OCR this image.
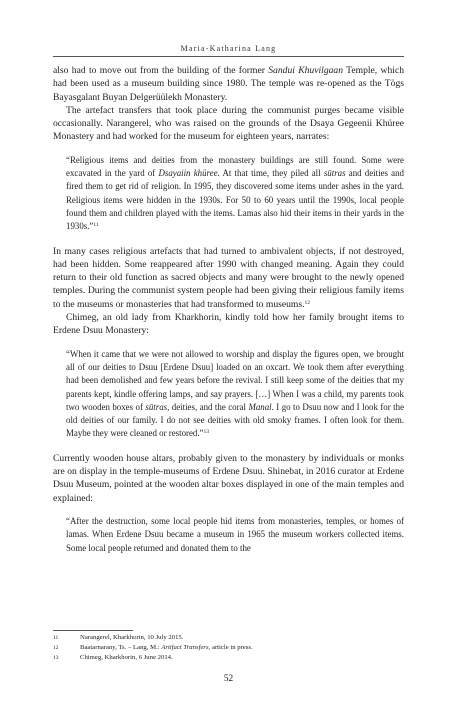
Maria-Katharina Lang

also had to move out from the building of the former Sandui Khuvilgaan Temple, which had been used as a museum building since 1980. The temple was re-opened as the Tögs Bayasgalant Buyan Delgerüülekh Monastery.

The artefact transfers that took place during the communist purges became visible occasionally. Narangerel, who was raised on the grounds of the Dsaya Gegeenii Khüree Monastery and had worked for the museum for eighteen years, narrates:

“Religious items and deities from the monastery buildings are still found. Some were excavated in the yard of Dsayaiin khüree. At that time, they piled all sūtras and deities and fired them to get rid of religion. In 1995, they discovered some items under ashes in the yard. Religious items were hidden in the 1930s. For 50 to 60 years until the 1990s, local people found them and children played with the items. Lamas also hid their items in their yards in the 1930s.”$^{11}$

In many cases religious artefacts that had turned to ambivalent objects, if not destroyed, had been hidden. Some reappeared after 1990 with changed meaning. Again they could return to their old function as sacred objects and many were brought to the newly opened temples. During the communist system people had been giving their religious family items to the museums or monasteries that had transformed to museums.$^{12}$

Chimeg, an old lady from Kharkhorin, kindly told how her family brought items to Erdene Dsuu Monastery:

“When it came that we were not allowed to worship and display the figures open, we brought all of our deities to Dsuu [Erdene Dsuu] loaded on an oxcart. We took them after everything had been demolished and few years before the revival. I still keep some of the deities that my parents kept, kindle offering lamps, and say prayers. […] When I was a child, my parents took two wooden boxes of sūtras, deities, and the coral Manal. I go to Dsuu now and I look for the old deities of our family. I do not see deities with old smoky frames. I often look for them. Maybe they were cleaned or restored.”$^{13}$

Currently wooden house altars, probably given to the monastery by individuals or monks are on display in the temple-museums of Erdene Dsuu. Shinebat, in 2016 curator at Erdene Dsuu Museum, pointed at the wooden altar boxes displayed in one of the main temples and explained:

“After the destruction, some local people hid items from monasteries, temples, or homes of lamas. When Erdene Dsuu became a museum in 1965 the museum workers collected items. Some local people returned and donated them to the

11	Narangerel, Kharkhorin, 10 July 2015.
12	Baatarnarany, Ts. – Lang, M.: Artifact Transfers, article in press.
13	Chimeg, Kharkhorin, 6 June 2014.
52
